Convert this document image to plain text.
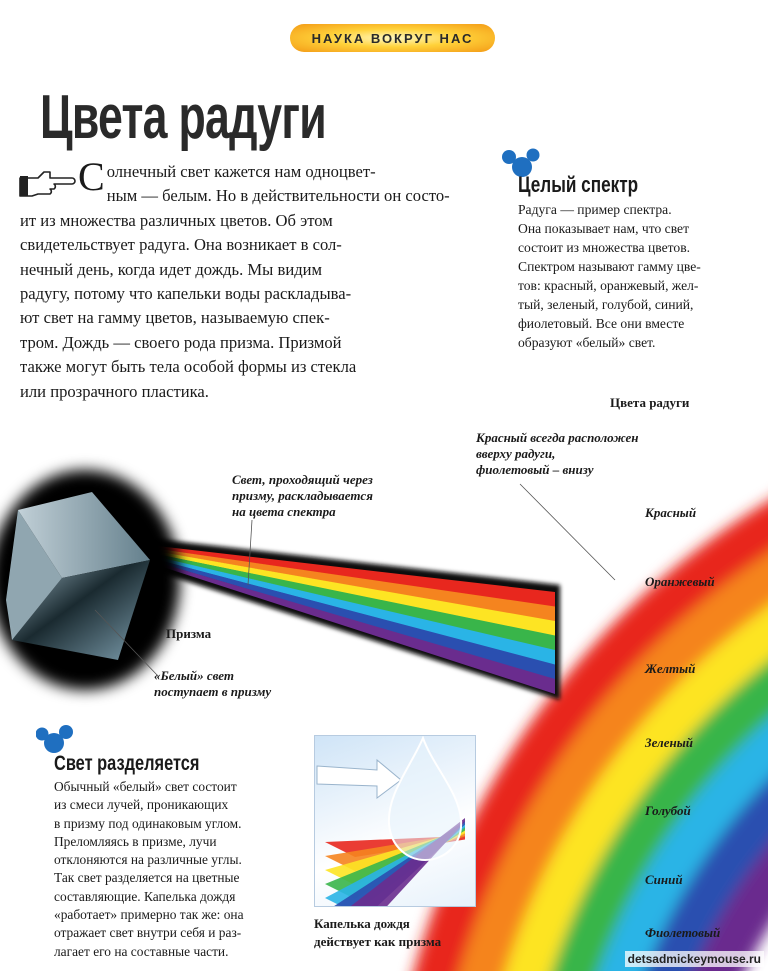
НАУКА ВОКРУГ НАС
Цвета радуги
С олнечный свет кажется нам одноцвет-
ным — белым. Но в действительности он состо-
ит из множества различных цветов. Об этом
свидетельствует радуга. Она возникает в сол-
нечный день, когда идет дождь. Мы видим
радугу, потому что капельки воды раскладыва-
ют свет на гамму цветов, называемую спек-
тром. Дождь — своего рода призма. Призмой
также могут быть тела особой формы из стекла
или прозрачного пластика.
Целый спектр
Радуга — пример спектра.
Она показывает нам, что свет
состоит из множества цветов.
Спектром называют гамму цве-
тов: красный, оранжевый, жел-
тый, зеленый, голубой, синий,
фиолетовый. Все они вместе
образуют «белый» свет.
Цвета радуги
Красный всегда расположен
вверху радуги,
фиолетовый – внизу
Красный
Оранжевый
Желтый
Зеленый
Голубой
Синий
Фиолетовый
Свет, проходящий через
призму, раскладывается
на цвета спектра
Призма
«Белый» свет
поступает в призму
Свет разделяется
Обычный «белый» свет состоит
из смеси лучей, проникающих
в призму под одинаковым углом.
Преломляясь в призме, лучи
отклоняются на различные углы.
Так свет разделяется на цветные
составляющие. Капелька дождя
«работает» примерно так же: она
отражает свет внутри себя и раз-
лагает его на составные части.
Капелька дождя
действует как призма
detsadmickeymouse.ru
